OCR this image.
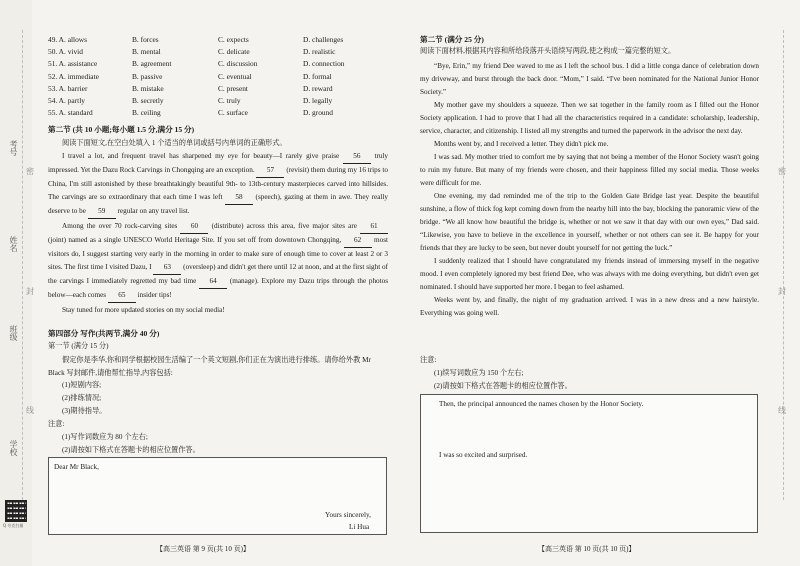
考号
姓名
班级
学校
密
封
线
密
封
线
Q 夸克扫描
49. A. allows	B. forces	C. expects	D. challenges
50. A. vivid	B. mental	C. delicate	D. realistic
51. A. assistance	B. agreement	C. discussion	D. connection
52. A. immediate	B. passive	C. eventual	D. formal
53. A. barrier	B. mistake	C. present	D. reward
54. A. partly	B. secretly	C. truly	D. legally
55. A. standard	B. ceiling	C. surface	D. ground
第二节 (共 10 小题;每小题 1.5 分,满分 15 分)
阅读下面短文,在空白处填入 1 个适当的单词或括号内单词的正确形式。

I travel a lot, and frequent travel has sharpened my eye for beauty—I rarely give praise 56 truly impressed. Yet the Dazu Rock Carvings in Chongqing are an exception. 57 (revisit) them during my 16 trips to China, I'm still astonished by these breathtakingly beautiful 9th- to 13th-century masterpieces carved into hillsides. The carvings are so extraordinary that each time I was left 58 (speech), gazing at them in awe. They really deserve to be 59 regular on any travel list.

Among the over 70 rock-carving sites 60 (distribute) across this area, five major sites are 61 (joint) named as a single UNESCO World Heritage Site. If you set off from downtown Chongqing, 62 most visitors do, I suggest starting very early in the morning in order to make sure of enough time to cover at least 2 or 3 sites. The first time I visited Dazu, I 63 (oversleep) and didn't get there until 12 at noon, and at the first sight of the carvings I immediately regretted my bad time 64 (manage). Explore my Dazu trips through the photos below—each comes 65 insider tips!

Stay tuned for more updated stories on my social media!

第四部分 写作(共两节,满分 40 分)
第一节 (满分 15 分)
假定你是李华,你和同学根据校园生活编了一个英文短剧,你们正在为演出进行排练。请你给外教 Mr Black 写封邮件,请他帮忙指导,内容包括:
(1)短剧内容;
(2)排练情况;
(3)期待指导。
注意:
(1)写作词数应为 80 个左右;
(2)请按如下格式在答题卡的相应位置作答。
Dear Mr Black,
Yours sincerely,
Li Hua
【高三英语 第 9 页(共 10 页)】
第二节 (满分 25 分)
阅读下面材料,根据其内容和所给段落开头语续写两段,使之构成一篇完整的短文。

“Bye, Erin,” my friend Dee waved to me as I left the school bus. I did a little conga dance of celebration down my driveway, and burst through the back door. “Mom,” I said. “I've been nominated for the National Junior Honor Society.”

My mother gave my shoulders a squeeze. Then we sat together in the family room as I filled out the Honor Society application. I had to prove that I had all the characteristics required in a candidate: scholarship, leadership, service, character, and citizenship. I listed all my strengths and turned the paperwork in the advisor the next day.

Months went by, and I received a letter. They didn't pick me.

I was sad. My mother tried to comfort me by saying that not being a member of the Honor Society wasn't going to ruin my future. But many of my friends were chosen, and their happiness filled my social media. Those weeks were difficult for me.

One evening, my dad reminded me of the trip to the Golden Gate Bridge last year. Despite the beautiful sunshine, a flow of thick fog kept coming down from the nearby hill into the bay, blocking the panoramic view of the bridge. “We all know how beautiful the bridge is, whether or not we saw it that day with our own eyes,” Dad said. “Likewise, you have to believe in the excellence in yourself, whether or not others can see it. Be happy for your friends that they are lucky to be seen, but never doubt yourself for not getting the luck.”

I suddenly realized that I should have congratulated my friends instead of immersing myself in the negative mood. I even completely ignored my best friend Dee, who was always with me doing everything, but didn't even get nominated. I should have supported her more. I began to feel ashamed.

Weeks went by, and finally, the night of my graduation arrived. I was in a new dress and a new hairstyle. Everything was going well.

注意:
(1)续写词数应为 150 个左右;
(2)请按如下格式在答题卡的相应位置作答。
Then, the principal announced the names chosen by the Honor Society.
I was so excited and surprised.
【高三英语 第 10 页(共 10 页)】
